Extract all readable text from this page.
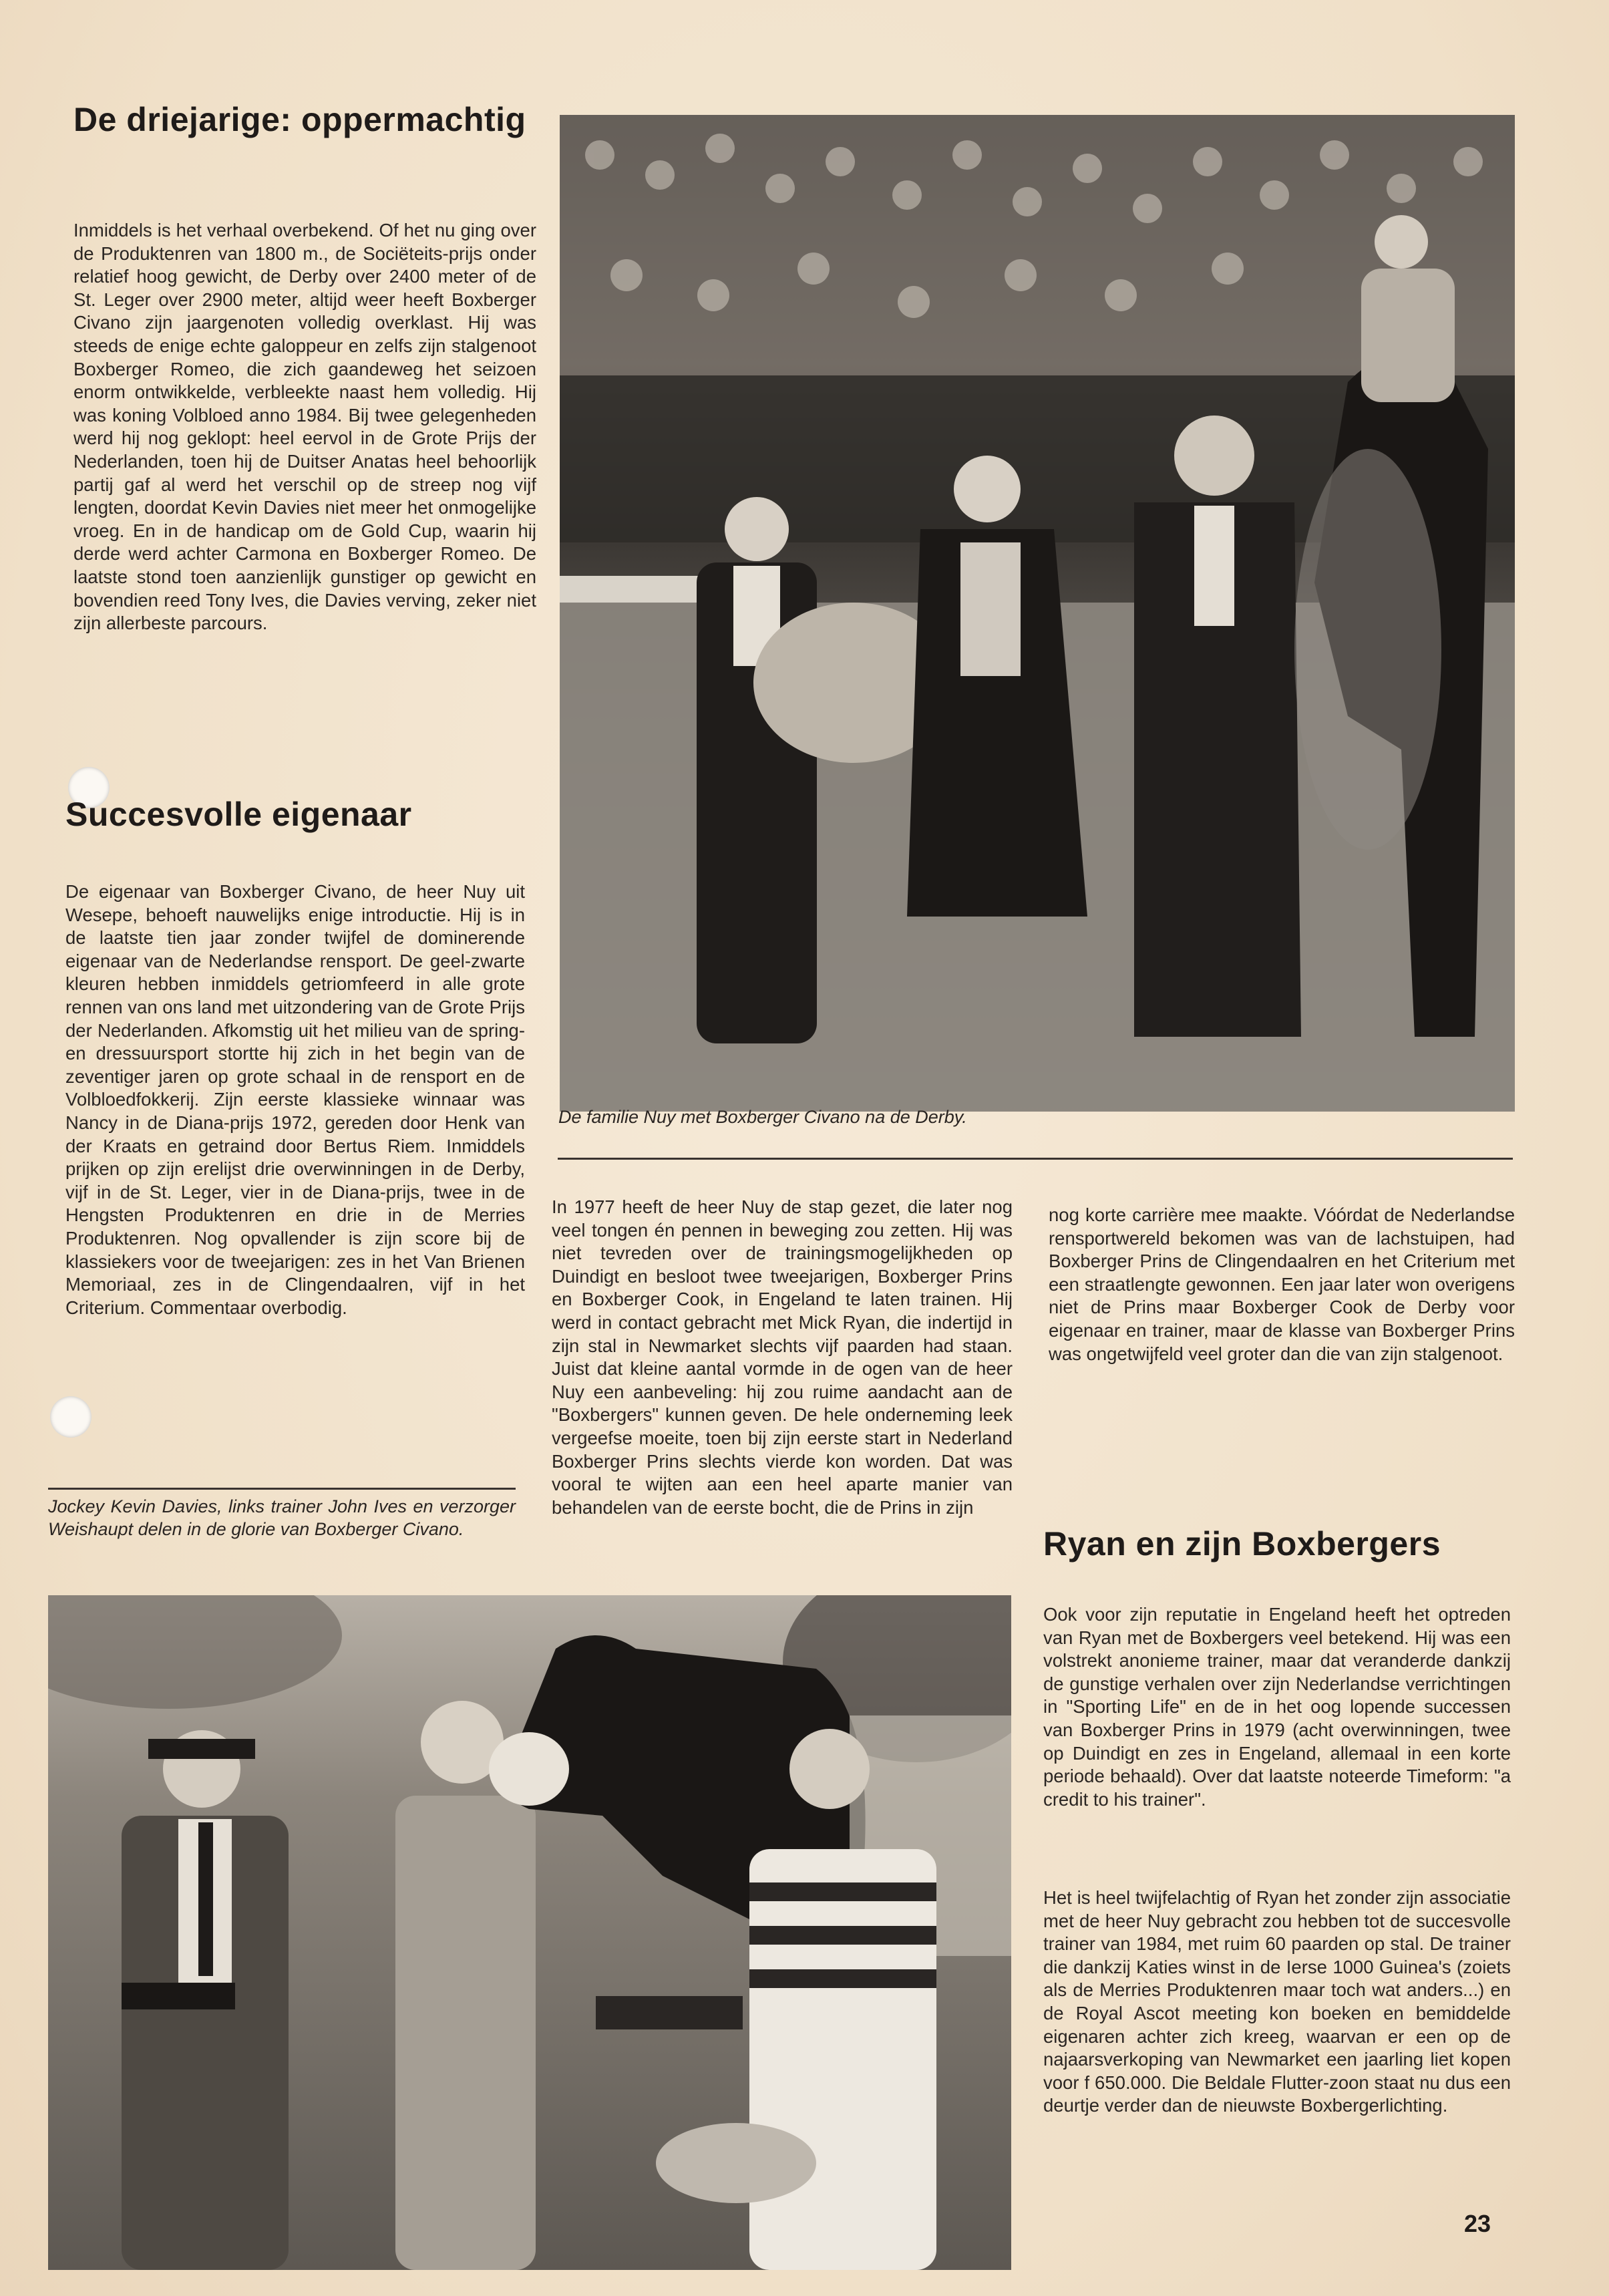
De driejarige: oppermachtig

Inmiddels is het verhaal overbekend. Of het nu ging over de Produktenren van 1800 m., de Sociëteits-prijs onder relatief hoog gewicht, de Derby over 2400 meter of de St. Leger over 2900 meter, altijd weer heeft Boxberger Civano zijn jaargenoten volledig overklast. Hij was steeds de enige echte galoppeur en zelfs zijn stalgenoot Boxberger Romeo, die zich gaandeweg het seizoen enorm ontwikkelde, verbleekte naast hem volledig. Hij was koning Volbloed anno 1984. Bij twee gelegenheden werd hij nog geklopt: heel eervol in de Grote Prijs der Nederlanden, toen hij de Duitser Anatas heel behoorlijk partij gaf al werd het verschil op de streep nog vijf lengten, doordat Kevin Davies niet meer het onmogelijke vroeg. En in de handicap om de Gold Cup, waarin hij derde werd achter Carmona en Boxberger Romeo. De laatste stond toen aanzienlijk gunstiger op gewicht en bovendien reed Tony Ives, die Davies verving, zeker niet zijn allerbeste parcours.

De familie Nuy met Boxberger Civano na de Derby.

Succesvolle eigenaar

De eigenaar van Boxberger Civano, de heer Nuy uit Wesepe, behoeft nauwelijks enige introductie. Hij is in de laatste tien jaar zonder twijfel de dominerende eigenaar van de Nederlandse rensport. De geel-zwarte kleuren hebben inmiddels getriomfeerd in alle grote rennen van ons land met uitzondering van de Grote Prijs der Nederlanden. Afkomstig uit het milieu van de spring- en dressuursport stortte hij zich in het begin van de zeventiger jaren op grote schaal in de rensport en de Volbloedfokkerij. Zijn eerste klassieke winnaar was Nancy in de Diana-prijs 1972, gereden door Henk van der Kraats en getraind door Bertus Riem. Inmiddels prijken op zijn erelijst drie overwinningen in de Derby, vijf in de St. Leger, vier in de Diana-prijs, twee in de Hengsten Produktenren en drie in de Merries Produktenren. Nog opvallender is zijn score bij de klassiekers voor de tweejarigen: zes in het Van Brienen Memoriaal, zes in de Clingendaalren, vijf in het Criterium. Commentaar overbodig.

Jockey Kevin Davies, links trainer John Ives en verzorger Weishaupt delen in de glorie van Boxberger Civano.

In 1977 heeft de heer Nuy de stap gezet, die later nog veel tongen én pennen in beweging zou zetten. Hij was niet tevreden over de trainingsmogelijkheden op Duindigt en besloot twee tweejarigen, Boxberger Prins en Boxberger Cook, in Engeland te laten trainen. Hij werd in contact gebracht met Mick Ryan, die indertijd in zijn stal in Newmarket slechts vijf paarden had staan. Juist dat kleine aantal vormde in de ogen van de heer Nuy een aanbeveling: hij zou ruime aandacht aan de "Boxbergers" kunnen geven. De hele onderneming leek vergeefse moeite, toen bij zijn eerste start in Nederland Boxberger Prins slechts vierde kon worden. Dat was vooral te wijten aan een heel aparte manier van behandelen van de eerste bocht, die de Prins in zijn

nog korte carrière mee maakte. Vóórdat de Nederlandse rensportwereld bekomen was van de lachstuipen, had Boxberger Prins de Clingendaalren en het Criterium met een straatlengte gewonnen. Een jaar later won overigens niet de Prins maar Boxberger Cook de Derby voor eigenaar en trainer, maar de klasse van Boxberger Prins was ongetwijfeld veel groter dan die van zijn stalgenoot.

Ryan en zijn Boxbergers

Ook voor zijn reputatie in Engeland heeft het optreden van Ryan met de Boxbergers veel betekend. Hij was een volstrekt anonieme trainer, maar dat veranderde dankzij de gunstige verhalen over zijn Nederlandse verrichtingen in "Sporting Life" en de in het oog lopende successen van Boxberger Prins in 1979 (acht overwinningen, twee op Duindigt en zes in Engeland, allemaal in een korte periode behaald). Over dat laatste noteerde Timeform: "a credit to his trainer".

Het is heel twijfelachtig of Ryan het zonder zijn associatie met de heer Nuy gebracht zou hebben tot de succesvolle trainer van 1984, met ruim 60 paarden op stal. De trainer die dankzij Katies winst in de Ierse 1000 Guinea's (zoiets als de Merries Produktenren maar toch wat anders...) en de Royal Ascot meeting kon boeken en bemiddelde eigenaren achter zich kreeg, waarvan er een op de najaarsverkoping van Newmarket een jaarling liet kopen voor f 650.000. Die Beldale Flutter-zoon staat nu dus een deurtje verder dan de nieuwste Boxbergerlichting.

23
